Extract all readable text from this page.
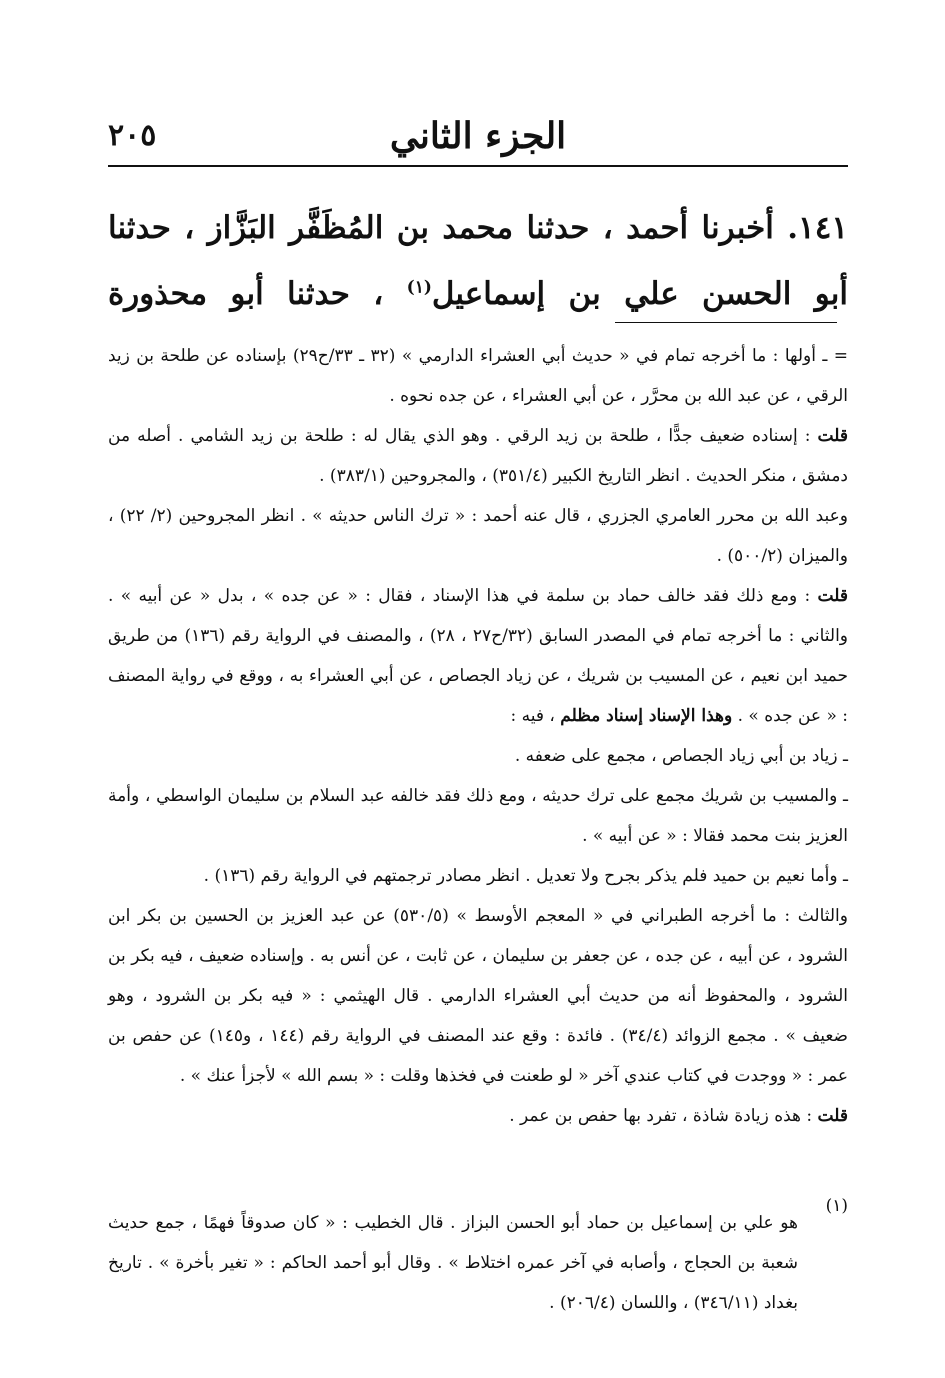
الجزء الثاني
٢٠٥

١٤١. أخبرنا أحمد ، حدثنا محمد بن المُظَفَّر البَزَّاز ، حدثنا

أبو الحسن علي بن إسماعيل$^{(١)}$ ، حدثنا أبو محذورة

= ـ أولها : ما أخرجه تمام في « حديث أبي العشراء الدارمي » (٣٢ ـ ٣٣/ح٢٩) بإسناده عن طلحة بن زيد الرقي ، عن عبد الله بن محرَّر ، عن أبي العشراء ، عن جده نحوه .

قلت : إسناده ضعيف جدًّا ، طلحة بن زيد الرقي . وهو الذي يقال له : طلحة بن زيد الشامي . أصله من دمشق ، منكر الحديث . انظر التاريخ الكبير (٣٥١/٤) ، والمجروحين (٣٨٣/١) .

وعبد الله بن محرر العامري الجزري ، قال عنه أحمد : « ترك الناس حديثه » . انظر المجروحين (٢/ ٢٢) ، والميزان (٥٠٠/٢) .

قلت : ومع ذلك فقد خالف حماد بن سلمة في هذا الإسناد ، فقال : « عن جده » ، بدل « عن أبيه » . والثاني : ما أخرجه تمام في المصدر السابق (٣٢/ح٢٧ ، ٢٨) ، والمصنف في الرواية رقم (١٣٦) من طريق حميد ابن نعيم ، عن المسيب بن شريك ، عن زياد الجصاص ، عن أبي العشراء به ، ووقع في رواية المصنف : « عن جده » . وهذا الإسناد إسناد مظلم ، فيه :

ـ زياد بن أبي زياد الجصاص ، مجمع على ضعفه .

ـ والمسيب بن شريك مجمع على ترك حديثه ، ومع ذلك فقد خالفه عبد السلام بن سليمان الواسطي ، وأمة العزيز بنت محمد فقالا : « عن أبيه » .

ـ وأما نعيم بن حميد فلم يذكر بجرح ولا تعديل . انظر مصادر ترجمتهم في الرواية رقم (١٣٦) .

والثالث : ما أخرجه الطبراني في « المعجم الأوسط » (٥٣٠/٥) عن عبد العزيز بن الحسين بن بكر ابن الشرود ، عن أبيه ، عن جده ، عن جعفر بن سليمان ، عن ثابت ، عن أنس به . وإسناده ضعيف ، فيه بكر بن الشرود ، والمحفوظ أنه من حديث أبي العشراء الدارمي . قال الهيثمي : « فيه بكر بن الشرود ، وهو ضعيف » . مجمع الزوائد (٣٤/٤) . فائدة : وقع عند المصنف في الرواية رقم (١٤٤ ، و١٤٥) عن حفص بن عمر : « ووجدت في كتاب عندي آخر « لو طعنت في فخذها وقلت : « بسم الله » لأجزأ عنك » .

قلت : هذه زيادة شاذة ، تفرد بها حفص بن عمر .

(١)

هو علي بن إسماعيل بن حماد أبو الحسن البزاز . قال الخطيب : « كان صدوقاً فهمًا ، جمع حديث شعبة بن الحجاج ، وأصابه في آخر عمره اختلاط » . وقال أبو أحمد الحاكم : « تغير بأخرة » . تاريخ بغداد (٣٤٦/١١) ، واللسان (٢٠٦/٤) .
